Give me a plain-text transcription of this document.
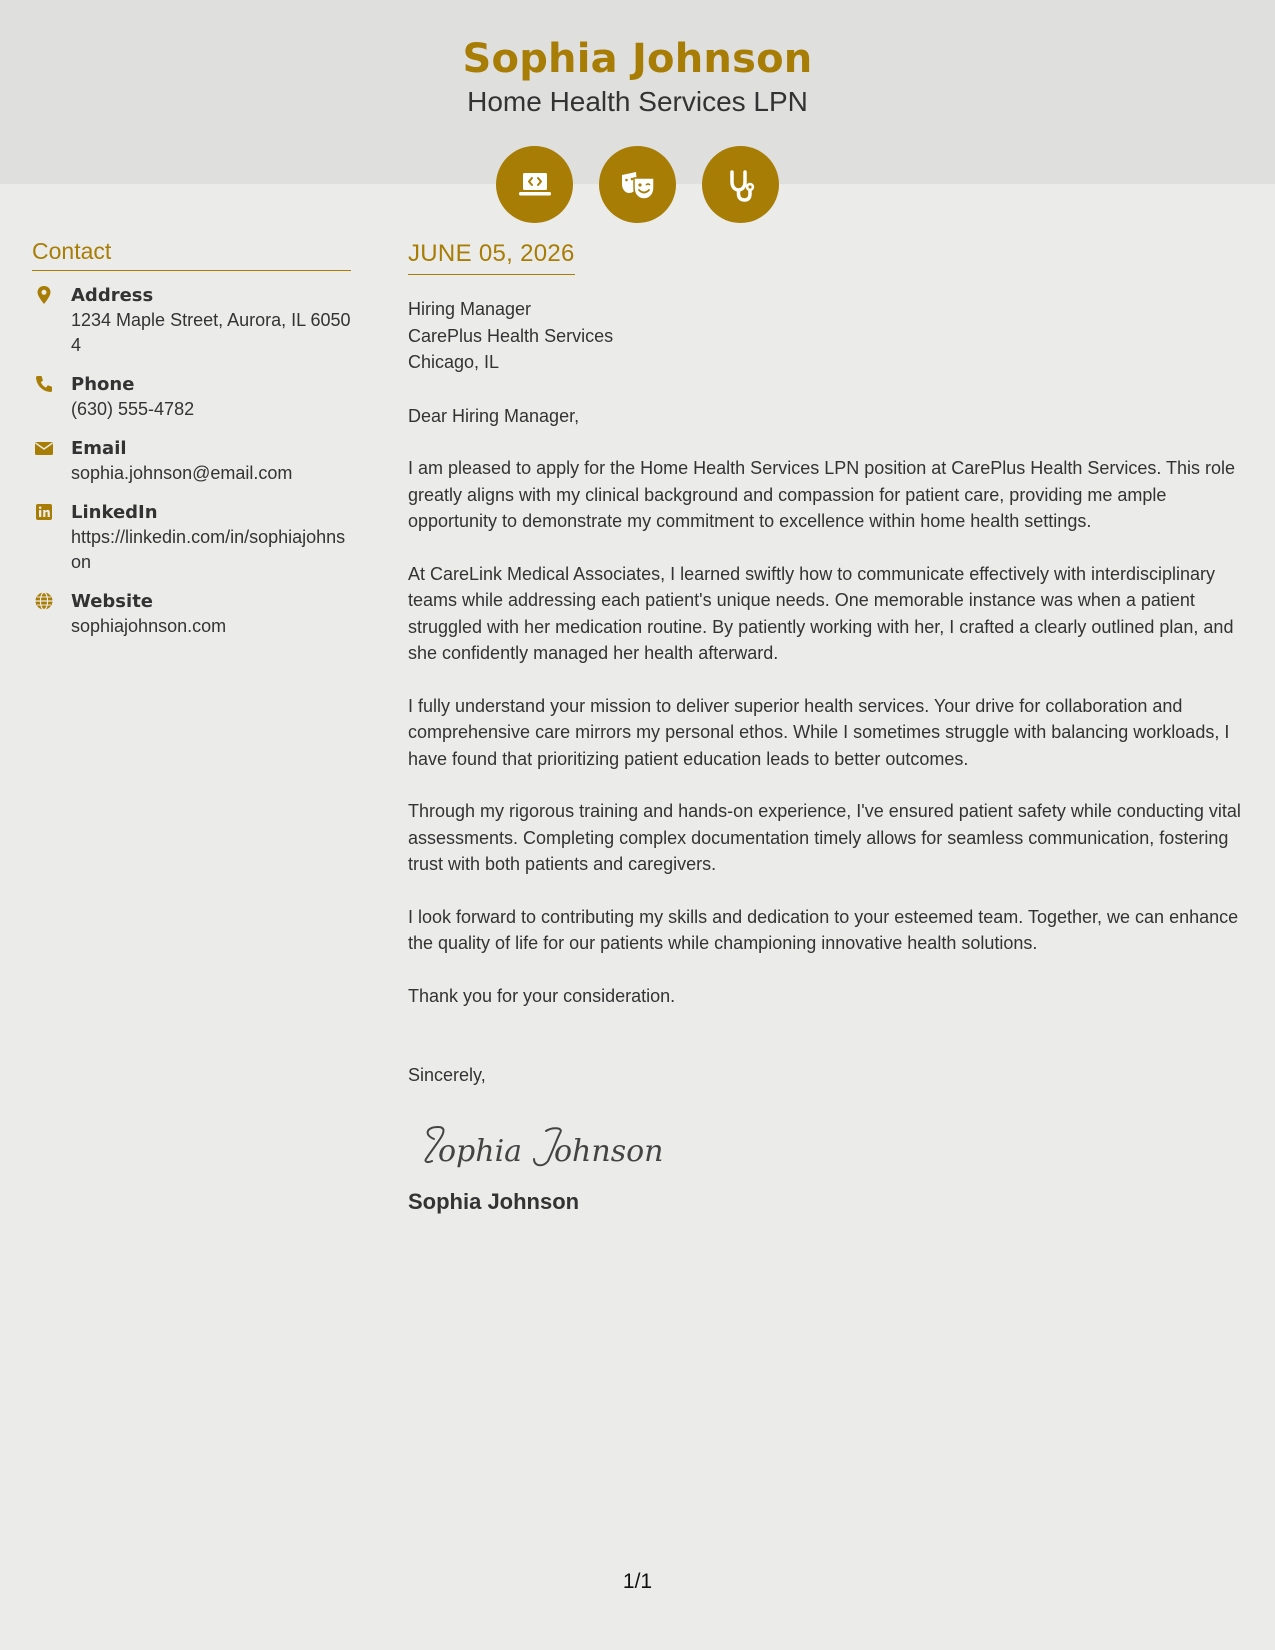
Sophia Johnson
Home Health Services LPN
Contact
Address
1234 Maple Street, Aurora, IL 60504
Phone
(630) 555-4782
Email
sophia.johnson@email.com
LinkedIn
https://linkedin.com/in/sophiajohnson
Website
sophiajohnson.com
JUNE 05, 2026
Hiring Manager
CarePlus Health Services
Chicago, IL

Dear Hiring Manager,

I am pleased to apply for the Home Health Services LPN position at CarePlus Health Services. This role greatly aligns with my clinical background and compassion for patient care, providing me ample opportunity to demonstrate my commitment to excellence within home health settings.

At CareLink Medical Associates, I learned swiftly how to communicate effectively with interdisciplinary teams while addressing each patient's unique needs. One memorable instance was when a patient struggled with her medication routine. By patiently working with her, I crafted a clearly outlined plan, and she confidently managed her health afterward.

I fully understand your mission to deliver superior health services. Your drive for collaboration and comprehensive care mirrors my personal ethos. While I sometimes struggle with balancing workloads, I have found that prioritizing patient education leads to better outcomes.

Through my rigorous training and hands-on experience, I've ensured patient safety while conducting vital assessments. Completing complex documentation timely allows for seamless communication, fostering trust with both patients and caregivers.

I look forward to contributing my skills and dedication to your esteemed team. Together, we can enhance the quality of life for our patients while championing innovative health solutions.

Thank you for your consideration.

Sincerely,

ophia ohnson
Sophia Johnson
1/1
